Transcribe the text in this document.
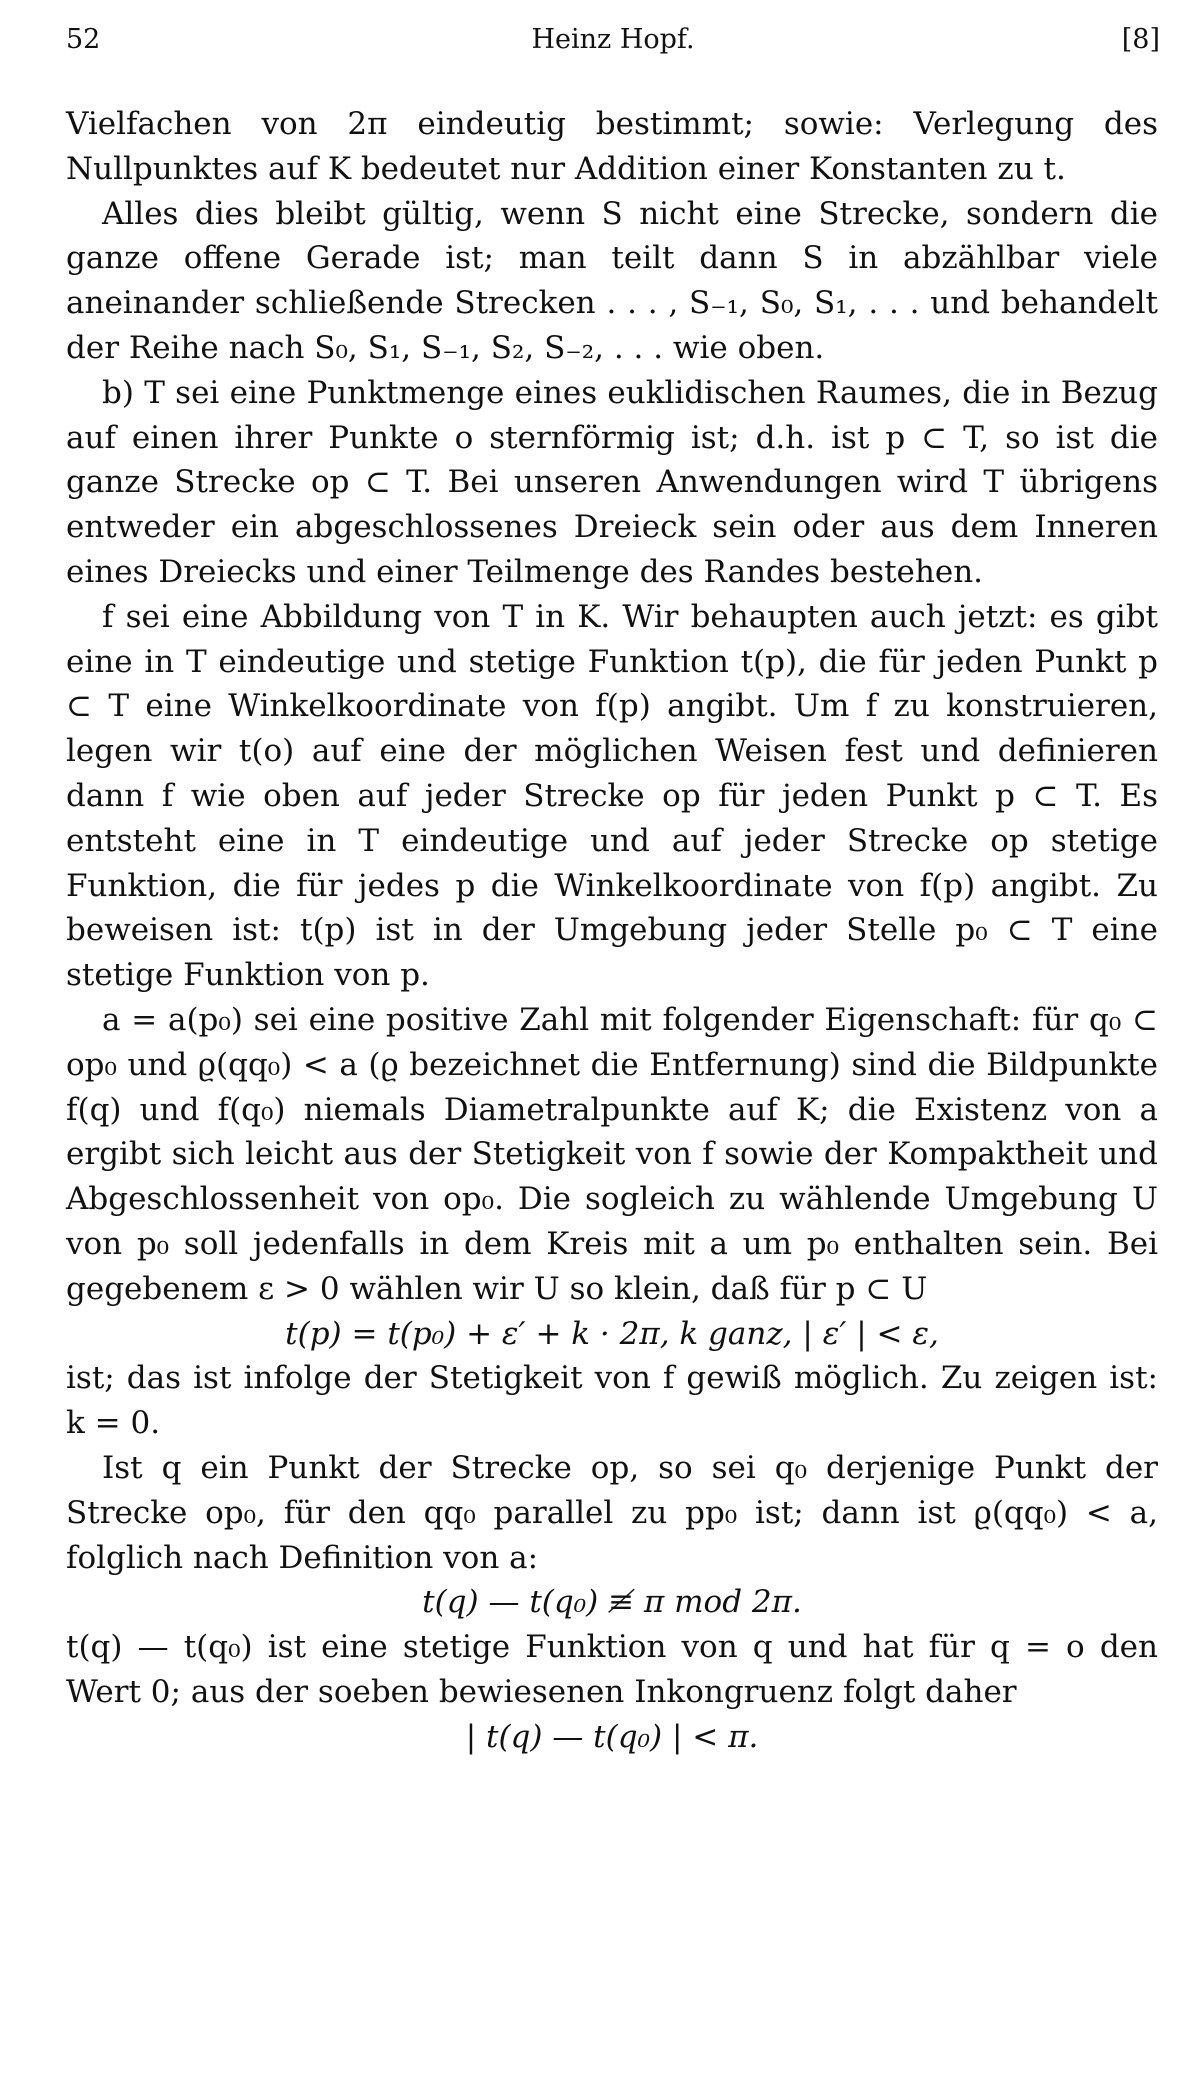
52	Heinz Hopf.	[8]

Vielfachen von 2π eindeutig bestimmt; sowie: Verlegung des Nullpunktes auf K bedeutet nur Addition einer Konstanten zu t.

Alles dies bleibt gültig, wenn S nicht eine Strecke, sondern die ganze offene Gerade ist; man teilt dann S in abzählbar viele aneinander schließende Strecken . . . , S₋₁, S₀, S₁, . . . und behandelt der Reihe nach S₀, S₁, S₋₁, S₂, S₋₂, . . . wie oben.

b) T sei eine Punktmenge eines euklidischen Raumes, die in Bezug auf einen ihrer Punkte o sternförmig ist; d.h. ist p ⊂ T, so ist die ganze Strecke op ⊂ T. Bei unseren Anwendungen wird T übrigens entweder ein abgeschlossenes Dreieck sein oder aus dem Inneren eines Dreiecks und einer Teilmenge des Randes bestehen.

f sei eine Abbildung von T in K. Wir behaupten auch jetzt: es gibt eine in T eindeutige und stetige Funktion t(p), die für jeden Punkt p ⊂ T eine Winkelkoordinate von f(p) angibt. Um f zu konstruieren, legen wir t(o) auf eine der möglichen Weisen fest und definieren dann f wie oben auf jeder Strecke op für jeden Punkt p ⊂ T. Es entsteht eine in T eindeutige und auf jeder Strecke op stetige Funktion, die für jedes p die Winkelkoordinate von f(p) angibt. Zu beweisen ist: t(p) ist in der Umgebung jeder Stelle p₀ ⊂ T eine stetige Funktion von p.

a = a(p₀) sei eine positive Zahl mit folgender Eigenschaft: für q₀ ⊂ op₀ und ϱ(qq₀) < a (ϱ bezeichnet die Entfernung) sind die Bildpunkte f(q) und f(q₀) niemals Diametralpunkte auf K; die Existenz von a ergibt sich leicht aus der Stetigkeit von f sowie der Kompaktheit und Abgeschlossenheit von op₀. Die sogleich zu wählende Umgebung U von p₀ soll jedenfalls in dem Kreis mit a um p₀ enthalten sein. Bei gegebenem ε > 0 wählen wir U so klein, daß für p ⊂ U

t(p) = t(p₀) + ε′ + k · 2π, k ganz, | ε′ | < ε,

ist; das ist infolge der Stetigkeit von f gewiß möglich. Zu zeigen ist: k = 0.

Ist q ein Punkt der Strecke op, so sei q₀ derjenige Punkt der Strecke op₀, für den qq₀ parallel zu pp₀ ist; dann ist ϱ(qq₀) < a, folglich nach Definition von a:

t(q) — t(q₀) ≢ π mod 2π.

t(q) — t(q₀) ist eine stetige Funktion von q und hat für q = o den Wert 0; aus der soeben bewiesenen Inkongruenz folgt daher

| t(q) — t(q₀) | < π.
